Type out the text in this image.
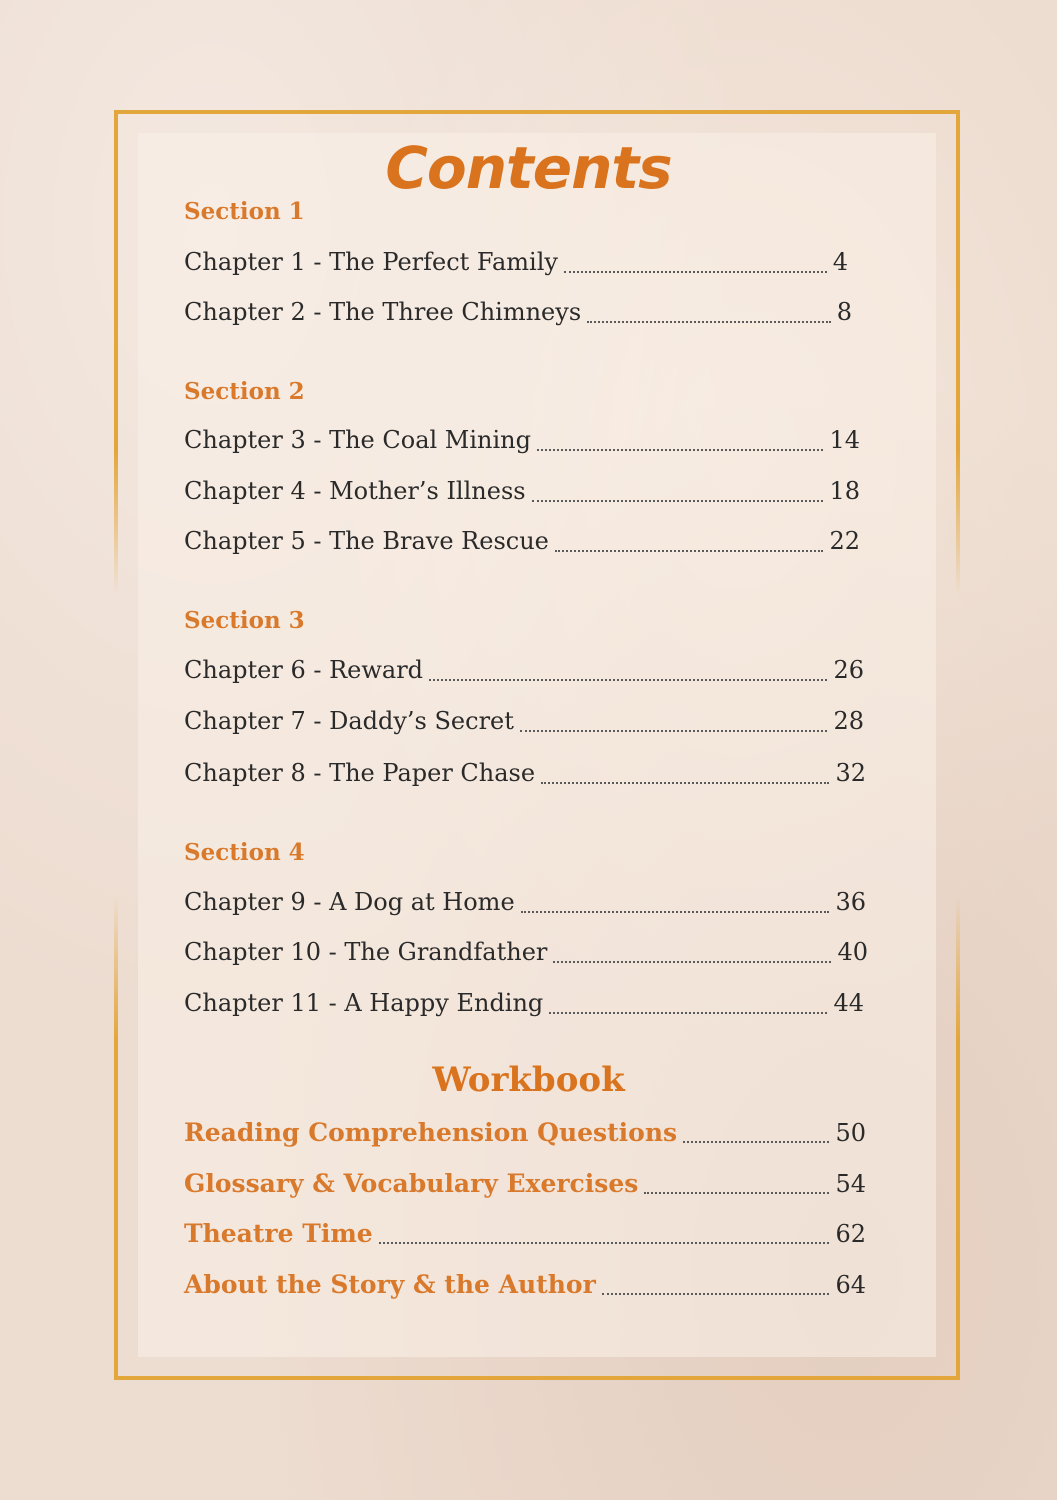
Contents
Section 1
Chapter 1 - The Perfect Family	4
Chapter 2 - The Three Chimneys	8
Section 2
Chapter 3 - The Coal Mining	14
Chapter 4 - Mother’s Illness	18
Chapter 5 - The Brave Rescue	22
Section 3
Chapter 6 - Reward	26
Chapter 7 - Daddy’s Secret	28
Chapter 8 - The Paper Chase	32
Section 4
Chapter 9 - A Dog at Home	36
Chapter 10 - The Grandfather	40
Chapter 11 - A Happy Ending	44
Workbook
Reading Comprehension Questions	50
Glossary & Vocabulary Exercises	54
Theatre Time	62
About the Story & the Author	64
